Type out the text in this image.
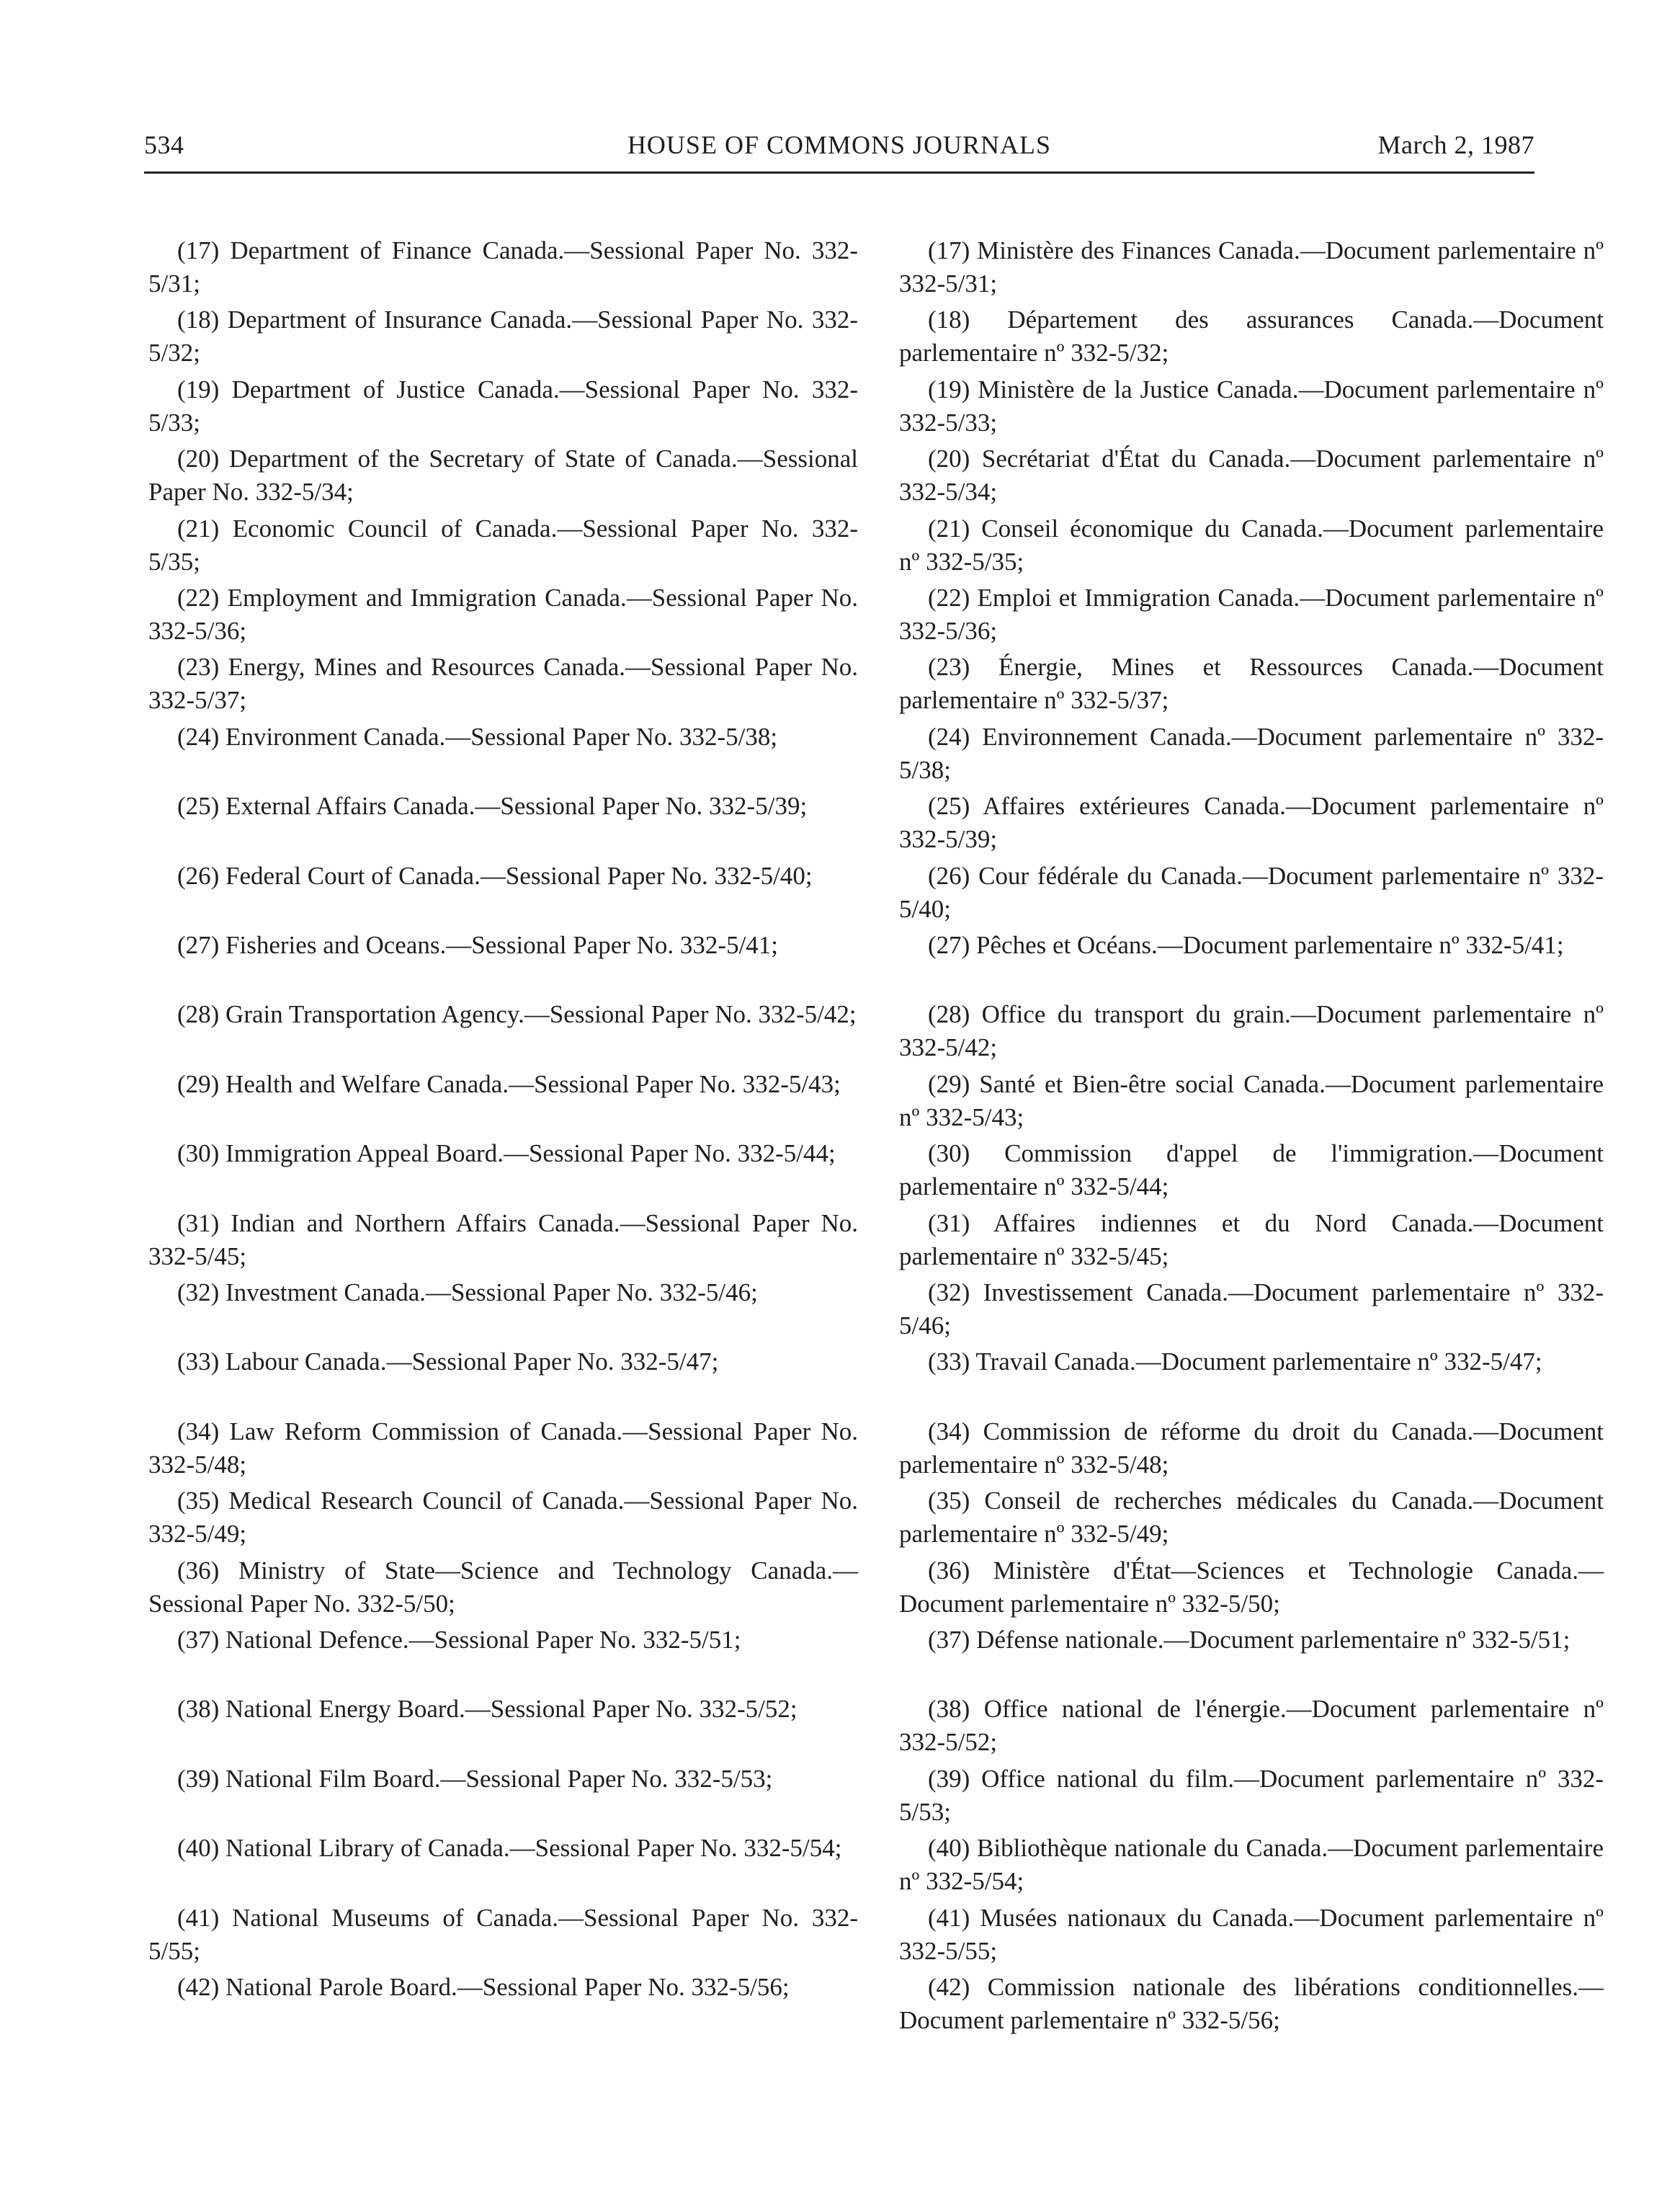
534	HOUSE OF COMMONS JOURNALS	March 2, 1987

(17) Department of Finance Canada.—Sessional Paper No. 332-5/31;

(18) Department of Insurance Canada.—Sessional Paper No. 332-5/32;

(19) Department of Justice Canada.—Sessional Paper No. 332-5/33;

(20) Department of the Secretary of State of Canada.—Sessional Paper No. 332-5/34;

(21) Economic Council of Canada.—Sessional Paper No. 332-5/35;

(22) Employment and Immigration Canada.—Sessional Paper No. 332-5/36;

(23) Energy, Mines and Resources Canada.—Sessional Paper No. 332-5/37;

(24) Environment Canada.—Sessional Paper No. 332-5/38;

(25) External Affairs Canada.—Sessional Paper No. 332-5/39;

(26) Federal Court of Canada.—Sessional Paper No. 332-5/40;

(27) Fisheries and Oceans.—Sessional Paper No. 332-5/41;

(28) Grain Transportation Agency.—Sessional Paper No. 332-5/42;

(29) Health and Welfare Canada.—Sessional Paper No. 332-5/43;

(30) Immigration Appeal Board.—Sessional Paper No. 332-5/44;

(31) Indian and Northern Affairs Canada.—Sessional Paper No. 332-5/45;

(32) Investment Canada.—Sessional Paper No. 332-5/46;

(33) Labour Canada.—Sessional Paper No. 332-5/47;

(34) Law Reform Commission of Canada.—Sessional Paper No. 332-5/48;

(35) Medical Research Council of Canada.—Sessional Paper No. 332-5/49;

(36) Ministry of State—Science and Technology Canada.—Sessional Paper No. 332-5/50;

(37) National Defence.—Sessional Paper No. 332-5/51;

(38) National Energy Board.—Sessional Paper No. 332-5/52;

(39) National Film Board.—Sessional Paper No. 332-5/53;

(40) National Library of Canada.—Sessional Paper No. 332-5/54;

(41) National Museums of Canada.—Sessional Paper No. 332-5/55;

(42) National Parole Board.—Sessional Paper No. 332-5/56;

(17) Ministère des Finances Canada.—Document parlementaire nº 332-5/31;

(18) Département des assurances Canada.—Document parlementaire nº 332-5/32;

(19) Ministère de la Justice Canada.—Document parlementaire nº 332-5/33;

(20) Secrétariat d'État du Canada.—Document parlementaire nº 332-5/34;

(21) Conseil économique du Canada.—Document parlementaire nº 332-5/35;

(22) Emploi et Immigration Canada.—Document parlementaire nº 332-5/36;

(23) Énergie, Mines et Ressources Canada.—Document parlementaire nº 332-5/37;

(24) Environnement Canada.—Document parlementaire nº 332-5/38;

(25) Affaires extérieures Canada.—Document parlementaire nº 332-5/39;

(26) Cour fédérale du Canada.—Document parlementaire nº 332-5/40;

(27) Pêches et Océans.—Document parlementaire nº 332-5/41;

(28) Office du transport du grain.—Document parlementaire nº 332-5/42;

(29) Santé et Bien-être social Canada.—Document parlementaire nº 332-5/43;

(30) Commission d'appel de l'immigration.—Document parlementaire nº 332-5/44;

(31) Affaires indiennes et du Nord Canada.—Document parlementaire nº 332-5/45;

(32) Investissement Canada.—Document parlementaire nº 332-5/46;

(33) Travail Canada.—Document parlementaire nº 332-5/47;

(34) Commission de réforme du droit du Canada.—Document parlementaire nº 332-5/48;

(35) Conseil de recherches médicales du Canada.—Document parlementaire nº 332-5/49;

(36) Ministère d'État—Sciences et Technologie Canada.—Document parlementaire nº 332-5/50;

(37) Défense nationale.—Document parlementaire nº 332-5/51;

(38) Office national de l'énergie.—Document parlementaire nº 332-5/52;

(39) Office national du film.—Document parlementaire nº 332-5/53;

(40) Bibliothèque nationale du Canada.—Document parlementaire nº 332-5/54;

(41) Musées nationaux du Canada.—Document parlementaire nº 332-5/55;

(42) Commission nationale des libérations conditionnelles.—Document parlementaire nº 332-5/56;
